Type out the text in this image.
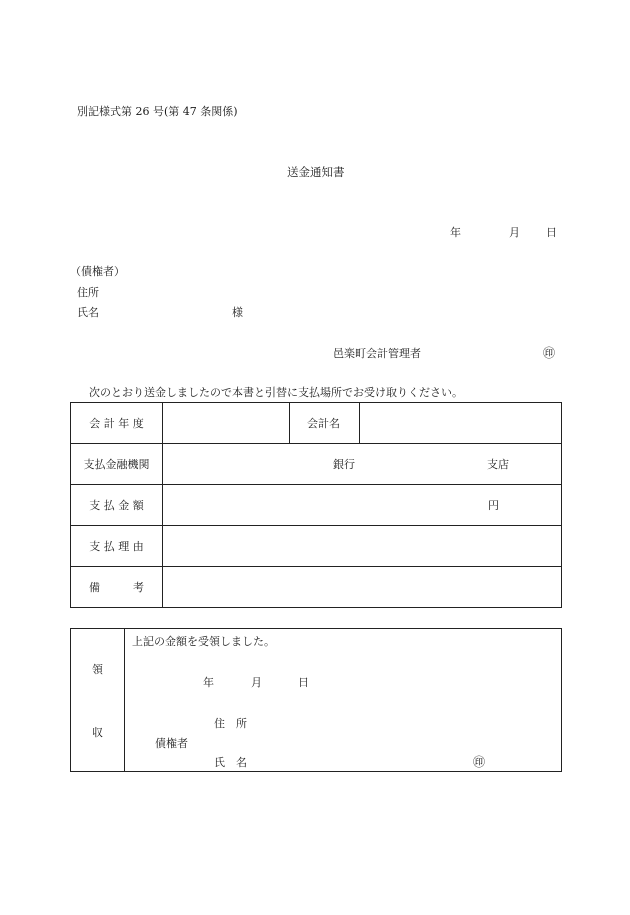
別記様式第 26 号(第 47 条関係)
送金通知書
年	月 日
（債権者）
住所
氏名	様
邑楽町会計管理者	㊞
次のとおり送金しましたので本書と引替に支払場所でお受け取りください。
会 計 年 度	会計名
支払金融機関	銀行	支店
支 払 金 額	円
支 払 理 由
備　　　考
領
収
上記の金額を受領しました。
年	月	日
住　所
債権者
氏　名	㊞
